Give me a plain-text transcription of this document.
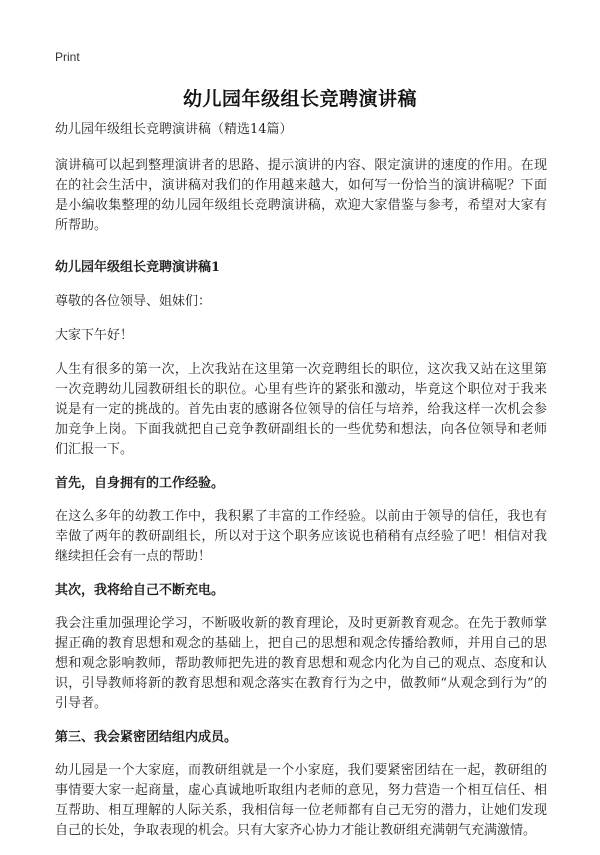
Print
幼儿园年级组长竞聘演讲稿

幼儿园年级组长竞聘演讲稿（精选14篇）

演讲稿可以起到整理演讲者的思路、提示演讲的内容、限定演讲的速度的作用。在现在的社会生活中，演讲稿对我们的作用越来越大，如何写一份恰当的演讲稿呢？下面是小编收集整理的幼儿园年级组长竞聘演讲稿，欢迎大家借鉴与参考，希望对大家有所帮助。

幼儿园年级组长竞聘演讲稿1

尊敬的各位领导、姐妹们：

大家下午好！

人生有很多的第一次，上次我站在这里第一次竞聘组长的职位，这次我又站在这里第一次竞聘幼儿园教研组长的职位。心里有些许的紧张和激动，毕竟这个职位对于我来说是有一定的挑战的。首先由衷的感谢各位领导的信任与培养，给我这样一次机会参加竞争上岗。下面我就把自己竞争教研副组长的一些优势和想法，向各位领导和老师们汇报一下。

首先，自身拥有的工作经验。

在这么多年的幼教工作中，我积累了丰富的工作经验。以前由于领导的信任，我也有幸做了两年的教研副组长，所以对于这个职务应该说也稍稍有点经验了吧！相信对我继续担任会有一点的帮助！

其次，我将给自己不断充电。

我会注重加强理论学习，不断吸收新的教育理论，及时更新教育观念。在先于教师掌握正确的教育思想和观念的基础上，把自己的思想和观念传播给教师，并用自己的思想和观念影响教师，帮助教师把先进的教育思想和观念内化为自己的观点、态度和认识，引导教师将新的教育思想和观念落实在教育行为之中，做教师“从观念到行为”的引导者。

第三、我会紧密团结组内成员。

幼儿园是一个大家庭，而教研组就是一个小家庭，我们要紧密团结在一起，教研组的事情要大家一起商量，虚心真诚地听取组内老师的意见，努力营造一个相互信任、相互帮助、相互理解的人际关系，我相信每一位老师都有自己无穷的潜力，让她们发现自己的长处，争取表现的机会。只有大家齐心协力才能让教研组充满朝气充满激情。
